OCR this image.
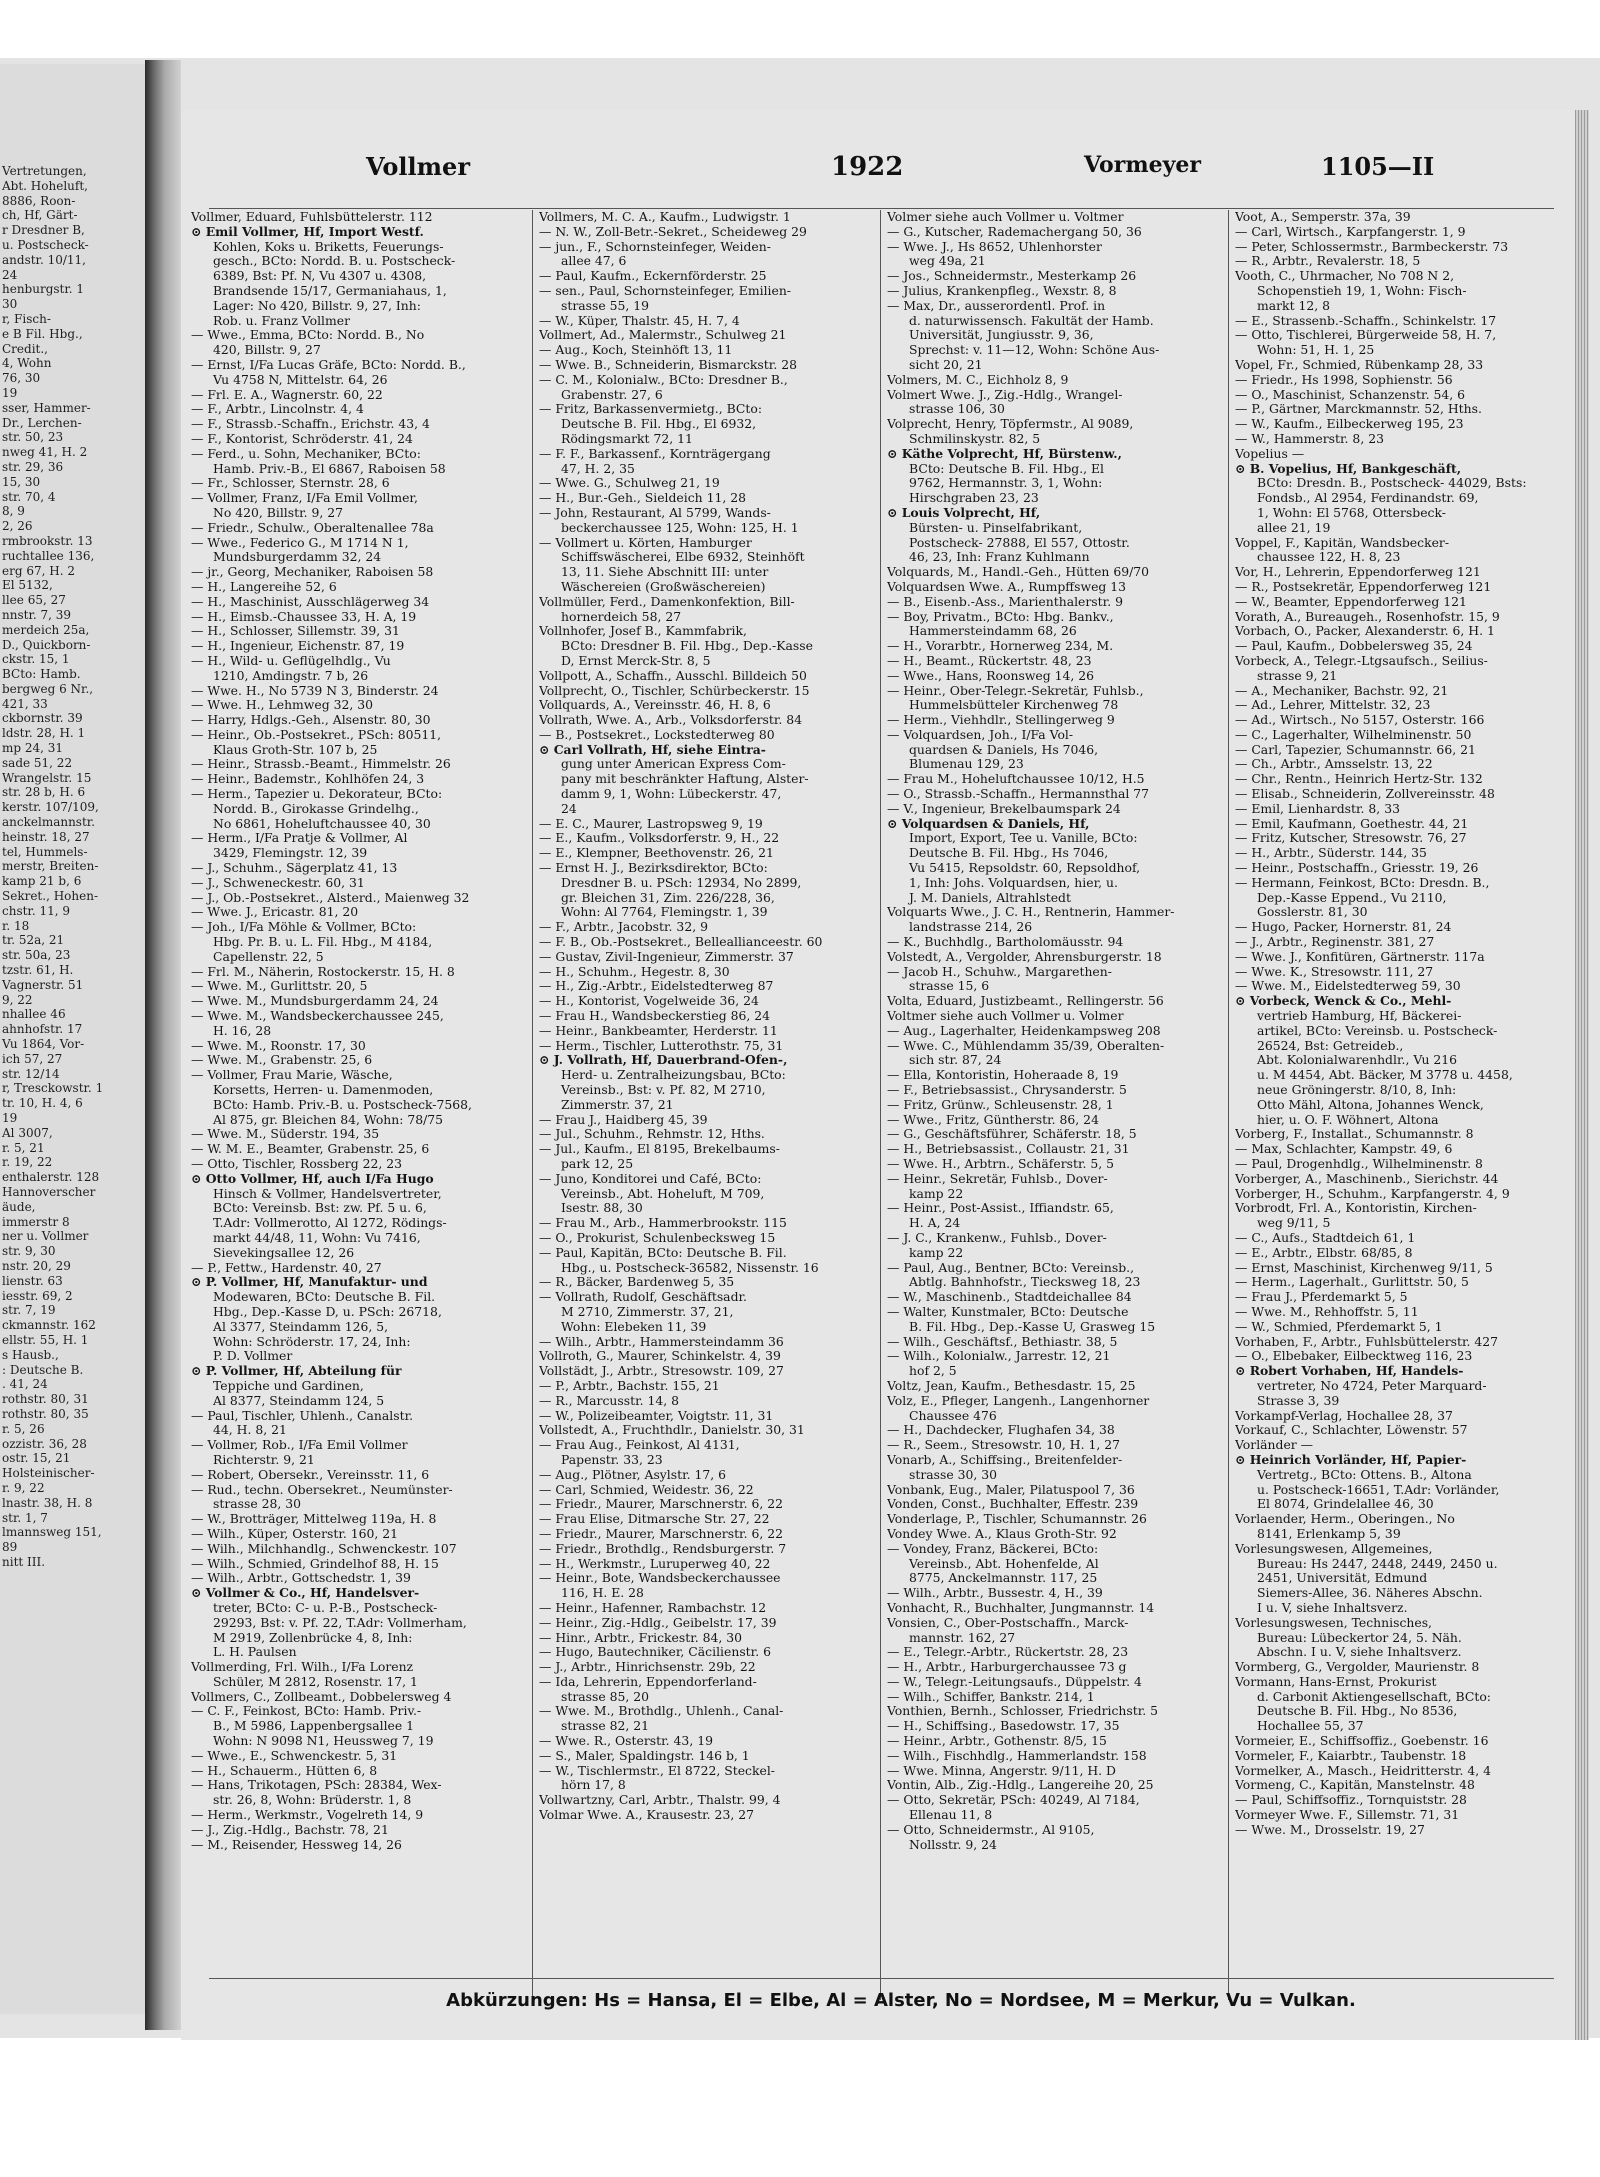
Vertretungen,
Abt. Hoheluft,
8886, Roon-
ch, Hf, Gärt-
r Dresdner B,
u. Postscheck-
andstr. 10/11,
24
henburgstr. 1
30
r, Fisch-
e B Fil. Hbg.,
Credit.,
4, Wohn
76, 30
19
sser, Hammer-
Dr., Lerchen-
str. 50, 23
nweg 41, H. 2
str. 29, 36
15, 30
str. 70, 4
8, 9
2, 26
rmbrookstr. 13
ruchtallee 136,
erg 67, H. 2
El 5132,
llee 65, 27
nnstr. 7, 39
merdeich 25a,
D., Quickborn-
ckstr. 15, 1
BCto: Hamb.
bergweg 6 Nr.,
421, 33
ckbornstr. 39
ldstr. 28, H. 1
mp 24, 31
sade 51, 22
Wrangelstr. 15
str. 28 b, H. 6
kerstr. 107/109,
anckelmannstr.
heinstr. 18, 27
tel, Hummels-
merstr, Breiten-
kamp 21 b, 6
Sekret., Hohen-
chstr. 11, 9
r. 18
tr. 52a, 21
str. 50a, 23
tzstr. 61, H.
Vagnerstr. 51
9, 22
nhallee 46
ahnhofstr. 17
Vu 1864, Vor-
ich 57, 27
str. 12/14
r, Tresckowstr. 1
tr. 10, H. 4, 6
19
Al 3007,
r. 5, 21
r. 19, 22
enthalerstr. 128
Hannoverscher
äude,
immerstr 8
ner u. Vollmer
str. 9, 30
nstr. 20, 29
lienstr. 63
iesstr. 69, 2
str. 7, 19
ckmannstr. 162
ellstr. 55, H. 1
s Hausb.,
: Deutsche B.
. 41, 24
rothstr. 80, 31
rothstr. 80, 35
r. 5, 26
ozzistr. 36, 28
ostr. 15, 21
Holsteinischer-
r. 9, 22
lnastr. 38, H. 8
str. 1, 7
lmannsweg 151,
89
nitt III.
Vollmer	1922	Vormeyer	1105—II
Vollmer, Eduard, Fuhlsbüttelerstr. 112
⊙ Emil Vollmer, Hf, Import Westf.
Kohlen, Koks u. Briketts, Feuerungs-
gesch., BCto: Nordd. B. u. Postscheck-
6389, Bst: Pf. N, Vu 4307 u. 4308,
Brandsende 15/17, Germaniahaus, 1,
Lager: No 420, Billstr. 9, 27, Inh:
Rob. u. Franz Vollmer
— Wwe., Emma, BCto: Nordd. B., No
420, Billstr. 9, 27
— Ernst, I/Fa Lucas Gräfe, BCto: Nordd. B.,
Vu 4758 N, Mittelstr. 64, 26
— Frl. E. A., Wagnerstr. 60, 22
— F., Arbtr., Lincolnstr. 4, 4
— F., Strassb.-Schaffn., Erichstr. 43, 4
— F., Kontorist, Schröderstr. 41, 24
— Ferd., u. Sohn, Mechaniker, BCto:
Hamb. Priv.-B., El 6867, Raboisen 58
— Fr., Schlosser, Sternstr. 28, 6
— Vollmer, Franz, I/Fa Emil Vollmer,
No 420, Billstr. 9, 27
— Friedr., Schulw., Oberaltenallee 78a
— Wwe., Federico G., M 1714 N 1,
Mundsburgerdamm 32, 24
— jr., Georg, Mechaniker, Raboisen 58
— H., Langereihe 52, 6
— H., Maschinist, Ausschlägerweg 34
— H., Eimsb.-Chaussee 33, H. A, 19
— H., Schlosser, Sillemstr. 39, 31
— H., Ingenieur, Eichenstr. 87, 19
— H., Wild- u. Geflügelhdlg., Vu
1210, Amdingstr. 7 b, 26
— Wwe. H., No 5739 N 3, Binderstr. 24
— Wwe. H., Lehmweg 32, 30
— Harry, Hdlgs.-Geh., Alsenstr. 80, 30
— Heinr., Ob.-Postsekret., PSch: 80511,
Klaus Groth-Str. 107 b, 25
— Heinr., Strassb.-Beamt., Himmelstr. 26
— Heinr., Bademstr., Kohlhöfen 24, 3
— Herm., Tapezier u. Dekorateur, BCto:
Nordd. B., Girokasse Grindelhg.,
No 6861, Hoheluftchaussee 40, 30
— Herm., I/Fa Pratje & Vollmer, Al
3429, Flemingstr. 12, 39
— J., Schuhm., Sägerplatz 41, 13
— J., Schweneckestr. 60, 31
— J., Ob.-Postsekret., Alsterd., Maienweg 32
— Wwe. J., Ericastr. 81, 20
— Joh., I/Fa Möhle & Vollmer, BCto:
Hbg. Pr. B. u. L. Fil. Hbg., M 4184,
Capellenstr. 22, 5
— Frl. M., Näherin, Rostockerstr. 15, H. 8
— Wwe. M., Gurlittstr. 20, 5
— Wwe. M., Mundsburgerdamm 24, 24
— Wwe. M., Wandsbeckerchaussee 245,
H. 16, 28
— Wwe. M., Roonstr. 17, 30
— Wwe. M., Grabenstr. 25, 6
— Vollmer, Frau Marie, Wäsche,
Korsetts, Herren- u. Damenmoden,
BCto: Hamb. Priv.-B. u. Postscheck-7568,
Al 875, gr. Bleichen 84, Wohn: 78/75
— Wwe. M., Süderstr. 194, 35
— W. M. E., Beamter, Grabenstr. 25, 6
— Otto, Tischler, Rossberg 22, 23
⊙ Otto Vollmer, Hf, auch I/Fa Hugo
Hinsch & Vollmer, Handelsvertreter,
BCto: Vereinsb. Bst: zw. Pf. 5 u. 6,
T.Adr: Vollmerotto, Al 1272, Rödings-
markt 44/48, 11, Wohn: Vu 7416,
Sievekingsallee 12, 26
— P., Fettw., Hardenstr. 40, 27
⊙ P. Vollmer, Hf, Manufaktur- und
Modewaren, BCto: Deutsche B. Fil.
Hbg., Dep.-Kasse D, u. PSch: 26718,
Al 3377, Steindamm 126, 5,
Wohn: Schröderstr. 17, 24, Inh:
P. D. Vollmer
⊙ P. Vollmer, Hf, Abteilung für
Teppiche und Gardinen,
Al 8377, Steindamm 124, 5
— Paul, Tischler, Uhlenh., Canalstr.
44, H. 8, 21
— Vollmer, Rob., I/Fa Emil Vollmer
Richterstr. 9, 21
— Robert, Obersekr., Vereinsstr. 11, 6
— Rud., techn. Obersekret., Neumünster-
strasse 28, 30
— W., Brotträger, Mittelweg 119a, H. 8
— Wilh., Küper, Osterstr. 160, 21
— Wilh., Milchhandlg., Schwenckestr. 107
— Wilh., Schmied, Grindelhof 88, H. 15
— Wilh., Arbtr., Gottschedstr. 1, 39
⊙ Vollmer & Co., Hf, Handelsver-
treter, BCto: C- u. P.-B., Postscheck-
29293, Bst: v. Pf. 22, T.Adr: Vollmerham,
M 2919, Zollenbrücke 4, 8, Inh:
L. H. Paulsen
Vollmerding, Frl. Wilh., I/Fa Lorenz
Schüler, M 2812, Rosenstr. 17, 1
Vollmers, C., Zollbeamt., Dobbelersweg 4
— C. F., Feinkost, BCto: Hamb. Priv.-
B., M 5986, Lappenbergsallee 1
Wohn: N 9098 N1, Heussweg 7, 19
— Wwe., E., Schwenckestr. 5, 31
— H., Schauerm., Hütten 6, 8
— Hans, Trikotagen, PSch: 28384, Wex-
str. 26, 8, Wohn: Brüderstr. 1, 8
— Herm., Werkmstr., Vogelreth 14, 9
— J., Zig.-Hdlg., Bachstr. 78, 21
— M., Reisender, Hessweg 14, 26
Vollmers, M. C. A., Kaufm., Ludwigstr. 1
— N. W., Zoll-Betr.-Sekret., Scheideweg 29
— jun., F., Schornsteinfeger, Weiden-
allee 47, 6
— Paul, Kaufm., Eckernförderstr. 25
— sen., Paul, Schornsteinfeger, Emilien-
strasse 55, 19
— W., Küper, Thalstr. 45, H. 7, 4
Vollmert, Ad., Malermstr., Schulweg 21
— Aug., Koch, Steinhöft 13, 11
— Wwe. B., Schneiderin, Bismarckstr. 28
— C. M., Kolonialw., BCto: Dresdner B.,
Grabenstr. 27, 6
— Fritz, Barkassenvermietg., BCto:
Deutsche B. Fil. Hbg., El 6932,
Rödingsmarkt 72, 11
— F. F., Barkassenf., Kornträgergang
47, H. 2, 35
— Wwe. G., Schulweg 21, 19
— H., Bur.-Geh., Sieldeich 11, 28
— John, Restaurant, Al 5799, Wands-
beckerchaussee 125, Wohn: 125, H. 1
— Vollmert u. Körten, Hamburger
Schiffswäscherei, Elbe 6932, Steinhöft
13, 11. Siehe Abschnitt III: unter
Wäschereien (Großwäschereien)
Vollmüller, Ferd., Damenkonfektion, Bill-
hornerdeich 58, 27
Vollnhofer, Josef B., Kammfabrik,
BCto: Dresdner B. Fil. Hbg., Dep.-Kasse
D, Ernst Merck-Str. 8, 5
Vollpott, A., Schaffn., Ausschl. Billdeich 50
Vollprecht, O., Tischler, Schürbeckerstr. 15
Vollquards, A., Vereinsstr. 46, H. 8, 6
Vollrath, Wwe. A., Arb., Volksdorferstr. 84
— B., Postsekret., Lockstedterweg 80
⊙ Carl Vollrath, Hf, siehe Eintra-
gung unter American Express Com-
pany mit beschränkter Haftung, Alster-
damm 9, 1, Wohn: Lübeckerstr. 47,
24
— E. C., Maurer, Lastropsweg 9, 19
— E., Kaufm., Volksdorferstr. 9, H., 22
— E., Klempner, Beethovenstr. 26, 21
— Ernst H. J., Bezirksdirektor, BCto:
Dresdner B. u. PSch: 12934, No 2899,
gr. Bleichen 31, Zim. 226/228, 36,
Wohn: Al 7764, Flemingstr. 1, 39
— F., Arbtr., Jacobstr. 32, 9
— F. B., Ob.-Postsekret., Belleallianceestr. 60
— Gustav, Zivil-Ingenieur, Zimmerstr. 37
— H., Schuhm., Hegestr. 8, 30
— H., Zig.-Arbtr., Eidelstedterweg 87
— H., Kontorist, Vogelweide 36, 24
— Frau H., Wandsbeckerstieg 86, 24
— Heinr., Bankbeamter, Herderstr. 11
— Herm., Tischler, Lutterothstr. 75, 31
⊙ J. Vollrath, Hf, Dauerbrand-Ofen-,
Herd- u. Zentralheizungsbau, BCto:
Vereinsb., Bst: v. Pf. 82, M 2710,
Zimmerstr. 37, 21
— Frau J., Haidberg 45, 39
— Jul., Schuhm., Rehmstr. 12, Hths.
— Jul., Kaufm., El 8195, Brekelbaums-
park 12, 25
— Juno, Konditorei und Café, BCto:
Vereinsb., Abt. Hoheluft, M 709,
Isestr. 88, 30
— Frau M., Arb., Hammerbrookstr. 115
— O., Prokurist, Schulenbecksweg 15
— Paul, Kapitän, BCto: Deutsche B. Fil.
Hbg., u. Postscheck-36582, Nissenstr. 16
— R., Bäcker, Bardenweg 5, 35
— Vollrath, Rudolf, Geschäftsadr.
M 2710, Zimmerstr. 37, 21,
Wohn: Elebeken 11, 39
— Wilh., Arbtr., Hammersteindamm 36
Vollroth, G., Maurer, Schinkelstr. 4, 39
Vollstädt, J., Arbtr., Stresowstr. 109, 27
— P., Arbtr., Bachstr. 155, 21
— R., Marcusstr. 14, 8
— W., Polizeibeamter, Voigtstr. 11, 31
Vollstedt, A., Fruchthdlr., Danielstr. 30, 31
— Frau Aug., Feinkost, Al 4131,
Papenstr. 33, 23
— Aug., Plötner, Asylstr. 17, 6
— Carl, Schmied, Weidestr. 36, 22
— Friedr., Maurer, Marschnerstr. 6, 22
— Frau Elise, Ditmarsche Str. 27, 22
— Friedr., Maurer, Marschnerstr. 6, 22
— Friedr., Brothdlg., Rendsburgerstr. 7
— H., Werkmstr., Luruperweg 40, 22
— Heinr., Bote, Wandsbeckerchaussee
116, H. E. 28
— Heinr., Hafenner, Rambachstr. 12
— Heinr., Zig.-Hdlg., Geibelstr. 17, 39
— Hinr., Arbtr., Frickestr. 84, 30
— Hugo, Bautechniker, Cäcilienstr. 6
— J., Arbtr., Hinrichsenstr. 29b, 22
— Ida, Lehrerin, Eppendorferland-
strasse 85, 20
— Wwe. M., Brothdlg., Uhlenh., Canal-
strasse 82, 21
— Wwe. R., Osterstr. 43, 19
— S., Maler, Spaldingstr. 146 b, 1
— W., Tischlermstr., El 8722, Steckel-
hörn 17, 8
Vollwartzny, Carl, Arbtr., Thalstr. 99, 4
Volmar Wwe. A., Krausestr. 23, 27
Volmer siehe auch Vollmer u. Voltmer
— G., Kutscher, Rademachergang 50, 36
— Wwe. J., Hs 8652, Uhlenhorster
weg 49a, 21
— Jos., Schneidermstr., Mesterkamp 26
— Julius, Krankenpfleg., Wexstr. 8, 8
— Max, Dr., ausserordentl. Prof. in
d. naturwissensch. Fakultät der Hamb.
Universität, Jungiusstr. 9, 36,
Sprechst: v. 11—12, Wohn: Schöne Aus-
sicht 20, 21
Volmers, M. C., Eichholz 8, 9
Volmert Wwe. J., Zig.-Hdlg., Wrangel-
strasse 106, 30
Volprecht, Henry, Töpfermstr., Al 9089,
Schmilinskystr. 82, 5
⊙ Käthe Volprecht, Hf, Bürstenw.,
BCto: Deutsche B. Fil. Hbg., El
9762, Hermannstr. 3, 1, Wohn:
Hirschgraben 23, 23
⊙ Louis Volprecht, Hf,
Bürsten- u. Pinselfabrikant,
Postscheck- 27888, El 557, Ottostr.
46, 23, Inh: Franz Kuhlmann
Volquards, M., Handl.-Geh., Hütten 69/70
Volquardsen Wwe. A., Rumpffsweg 13
— B., Eisenb.-Ass., Marienthalerstr. 9
— Boy, Privatm., BCto: Hbg. Bankv.,
Hammersteindamm 68, 26
— H., Vorarbtr., Hornerweg 234, M.
— H., Beamt., Rückertstr. 48, 23
— Wwe., Hans, Roonsweg 14, 26
— Heinr., Ober-Telegr.-Sekretär, Fuhlsb.,
Hummelsbütteler Kirchenweg 78
— Herm., Viehhdlr., Stellingerweg 9
— Volquardsen, Joh., I/Fa Vol-
quardsen & Daniels, Hs 7046,
Blumenau 129, 23
— Frau M., Hoheluftchaussee 10/12, H.5
— O., Strassb.-Schaffn., Hermannsthal 77
— V., Ingenieur, Brekelbaumspark 24
⊙ Volquardsen & Daniels, Hf,
Import, Export, Tee u. Vanille, BCto:
Deutsche B. Fil. Hbg., Hs 7046,
Vu 5415, Repsoldstr. 60, Repsoldhof,
1, Inh: Johs. Volquardsen, hier, u.
J. M. Daniels, Altrahlstedt
Volquarts Wwe., J. C. H., Rentnerin, Hammer-
landstrasse 214, 26
— K., Buchhdlg., Bartholomäusstr. 94
Volstedt, A., Vergolder, Ahrensburgerstr. 18
— Jacob H., Schuhw., Margarethen-
strasse 15, 6
Volta, Eduard, Justizbeamt., Rellingerstr. 56
Voltmer siehe auch Vollmer u. Volmer
— Aug., Lagerhalter, Heidenkampsweg 208
— Wwe. C., Mühlendamm 35/39, Oberalten-
sich str. 87, 24
— Ella, Kontoristin, Hoheraade 8, 19
— F., Betriebsassist., Chrysanderstr. 5
— Fritz, Grünw., Schleusenstr. 28, 1
— Wwe., Fritz, Güntherstr. 86, 24
— G., Geschäftsführer, Schäferstr. 18, 5
— H., Betriebsassist., Collaustr. 21, 31
— Wwe. H., Arbtrn., Schäferstr. 5, 5
— Heinr., Sekretär, Fuhlsb., Dover-
kamp 22
— Heinr., Post-Assist., Iffiandstr. 65,
H. A, 24
— J. C., Krankenw., Fuhlsb., Dover-
kamp 22
— Paul, Aug., Bentner, BCto: Vereinsb.,
Abtlg. Bahnhofstr., Tiecksweg 18, 23
— W., Maschinenb., Stadtdeichallee 84
— Walter, Kunstmaler, BCto: Deutsche
B. Fil. Hbg., Dep.-Kasse U, Grasweg 15
— Wilh., Geschäftsf., Bethiastr. 38, 5
— Wilh., Kolonialw., Jarrestr. 12, 21
hof 2, 5
Voltz, Jean, Kaufm., Bethesdastr. 15, 25
Volz, E., Pfleger, Langenh., Langenhorner
Chaussee 476
— H., Dachdecker, Flughafen 34, 38
— R., Seem., Stresowstr. 10, H. 1, 27
Vonarb, A., Schiffsing., Breitenfelder-
strasse 30, 30
Vonbank, Eug., Maler, Pilatuspool 7, 36
Vonden, Const., Buchhalter, Effestr. 239
Vonderlage, P., Tischler, Schumannstr. 26
Vondey Wwe. A., Klaus Groth-Str. 92
— Vondey, Franz, Bäckerei, BCto:
Vereinsb., Abt. Hohenfelde, Al
8775, Anckelmannstr. 117, 25
— Wilh., Arbtr., Bussestr. 4, H., 39
Vonhacht, R., Buchhalter, Jungmannstr. 14
Vonsien, C., Ober-Postschaffn., Marck-
mannstr. 162, 27
— E., Telegr.-Arbtr., Rückertstr. 28, 23
— H., Arbtr., Harburgerchaussee 73 g
— W., Telegr.-Leitungsaufs., Düppelstr. 4
— Wilh., Schiffer, Bankstr. 214, 1
Vonthien, Bernh., Schlosser, Friedrichstr. 5
— H., Schiffsing., Basedowstr. 17, 35
— Heinr., Arbtr., Gothenstr. 8/5, 15
— Wilh., Fischhdlg., Hammerlandstr. 158
— Wwe. Minna, Angerstr. 9/11, H. D
Vontin, Alb., Zig.-Hdlg., Langereihe 20, 25
— Otto, Sekretär, PSch: 40249, Al 7184,
Ellenau 11, 8
— Otto, Schneidermstr., Al 9105,
Nollsstr. 9, 24
Voot, A., Semperstr. 37a, 39
— Carl, Wirtsch., Karpfangerstr. 1, 9
— Peter, Schlossermstr., Barmbeckerstr. 73
— R., Arbtr., Revalerstr. 18, 5
Vooth, C., Uhrmacher, No 708 N 2,
Schopenstieh 19, 1, Wohn: Fisch-
markt 12, 8
— E., Strassenb.-Schaffn., Schinkelstr. 17
— Otto, Tischlerei, Bürgerweide 58, H. 7,
Wohn: 51, H. 1, 25
Vopel, Fr., Schmied, Rübenkamp 28, 33
— Friedr., Hs 1998, Sophienstr. 56
— O., Maschinist, Schanzenstr. 54, 6
— P., Gärtner, Marckmannstr. 52, Hths.
— W., Kaufm., Eilbeckerweg 195, 23
— W., Hammerstr. 8, 23
Vopelius —
⊙ B. Vopelius, Hf, Bankgeschäft,
BCto: Dresdn. B., Postscheck- 44029, Bsts:
Fondsb., Al 2954, Ferdinandstr. 69,
1, Wohn: El 5768, Ottersbeck-
allee 21, 19
Voppel, F., Kapitän, Wandsbecker-
chaussee 122, H. 8, 23
Vor, H., Lehrerin, Eppendorferweg 121
— R., Postsekretär, Eppendorferweg 121
— W., Beamter, Eppendorferweg 121
Vorath, A., Bureaugeh., Rosenhofstr. 15, 9
Vorbach, O., Packer, Alexanderstr. 6, H. 1
— Paul, Kaufm., Dobbelersweg 35, 24
Vorbeck, A., Telegr.-Ltgsaufsch., Seilius-
strasse 9, 21
— A., Mechaniker, Bachstr. 92, 21
— Ad., Lehrer, Mittelstr. 32, 23
— Ad., Wirtsch., No 5157, Osterstr. 166
— C., Lagerhalter, Wilhelminenstr. 50
— Carl, Tapezier, Schumannstr. 66, 21
— Ch., Arbtr., Amsselstr. 13, 22
— Chr., Rentn., Heinrich Hertz-Str. 132
— Elisab., Schneiderin, Zollvereinsstr. 48
— Emil, Lienhardstr. 8, 33
— Emil, Kaufmann, Goethestr. 44, 21
— Fritz, Kutscher, Stresowstr. 76, 27
— H., Arbtr., Süderstr. 144, 35
— Heinr., Postschaffn., Griesstr. 19, 26
— Hermann, Feinkost, BCto: Dresdn. B.,
Dep.-Kasse Eppend., Vu 2110,
Gosslerstr. 81, 30
— Hugo, Packer, Hornerstr. 81, 24
— J., Arbtr., Reginenstr. 381, 27
— Wwe. J., Konfitüren, Gärtnerstr. 117a
— Wwe. K., Stresowstr. 111, 27
— Wwe. M., Eidelstedterweg 59, 30
⊙ Vorbeck, Wenck & Co., Mehl-
vertrieb Hamburg, Hf, Bäckerei-
artikel, BCto: Vereinsb. u. Postscheck-
26524, Bst: Getreideb.,
Abt. Kolonialwarenhdlr., Vu 216
u. M 4454, Abt. Bäcker, M 3778 u. 4458,
neue Gröningerstr. 8/10, 8, Inh:
Otto Mähl, Altona, Johannes Wenck,
hier, u. O. F. Wöhnert, Altona
Vorberg, F., Installat., Schumannstr. 8
— Max, Schlachter, Kampstr. 49, 6
— Paul, Drogenhdlg., Wilhelminenstr. 8
Vorberger, A., Maschinenb., Sierichstr. 44
Vorberger, H., Schuhm., Karpfangerstr. 4, 9
Vorbrodt, Frl. A., Kontoristin, Kirchen-
weg 9/11, 5
— C., Aufs., Stadtdeich 61, 1
— E., Arbtr., Elbstr. 68/85, 8
— Ernst, Maschinist, Kirchenweg 9/11, 5
— Herm., Lagerhalt., Gurlittstr. 50, 5
— Frau J., Pferdemarkt 5, 5
— Wwe. M., Rehhoffstr. 5, 11
— W., Schmied, Pferdemarkt 5, 1
Vorhaben, F., Arbtr., Fuhlsbüttelerstr. 427
— O., Elbebaker, Eilbecktweg 116, 23
⊙ Robert Vorhaben, Hf, Handels-
vertreter, No 4724, Peter Marquard-
Strasse 3, 39
Vorkampf-Verlag, Hochallee 28, 37
Vorkauf, C., Schlachter, Löwenstr. 57
Vorländer —
⊙ Heinrich Vorländer, Hf, Papier-
Vertretg., BCto: Ottens. B., Altona
u. Postscheck-16651, T.Adr: Vorländer,
El 8074, Grindelallee 46, 30
Vorlaender, Herm., Oberingen., No
8141, Erlenkamp 5, 39
Vorlesungswesen, Allgemeines,
Bureau: Hs 2447, 2448, 2449, 2450 u.
2451, Universität, Edmund
Siemers-Allee, 36. Näheres Abschn.
I u. V, siehe Inhaltsverz.
Vorlesungswesen, Technisches,
Bureau: Lübeckertor 24, 5. Näh.
Abschn. I u. V, siehe Inhaltsverz.
Vormberg, G., Vergolder, Maurienstr. 8
Vormann, Hans-Ernst, Prokurist
d. Carbonit Aktiengesellschaft, BCto:
Deutsche B. Fil. Hbg., No 8536,
Hochallee 55, 37
Vormeier, E., Schiffsoffiz., Goebenstr. 16
Vormeler, F., Kaiarbtr., Taubenstr. 18
Vormelker, A., Masch., Heidritterstr. 4, 4
Vormeng, C., Kapitän, Manstelnstr. 48
— Paul, Schiffsoffiz., Tornquiststr. 28
Vormeyer Wwe. F., Sillemstr. 71, 31
— Wwe. M., Drosselstr. 19, 27
Abkürzungen: Hs = Hansa, El = Elbe, Al = Alster, No = Nordsee, M = Merkur, Vu = Vulkan.
